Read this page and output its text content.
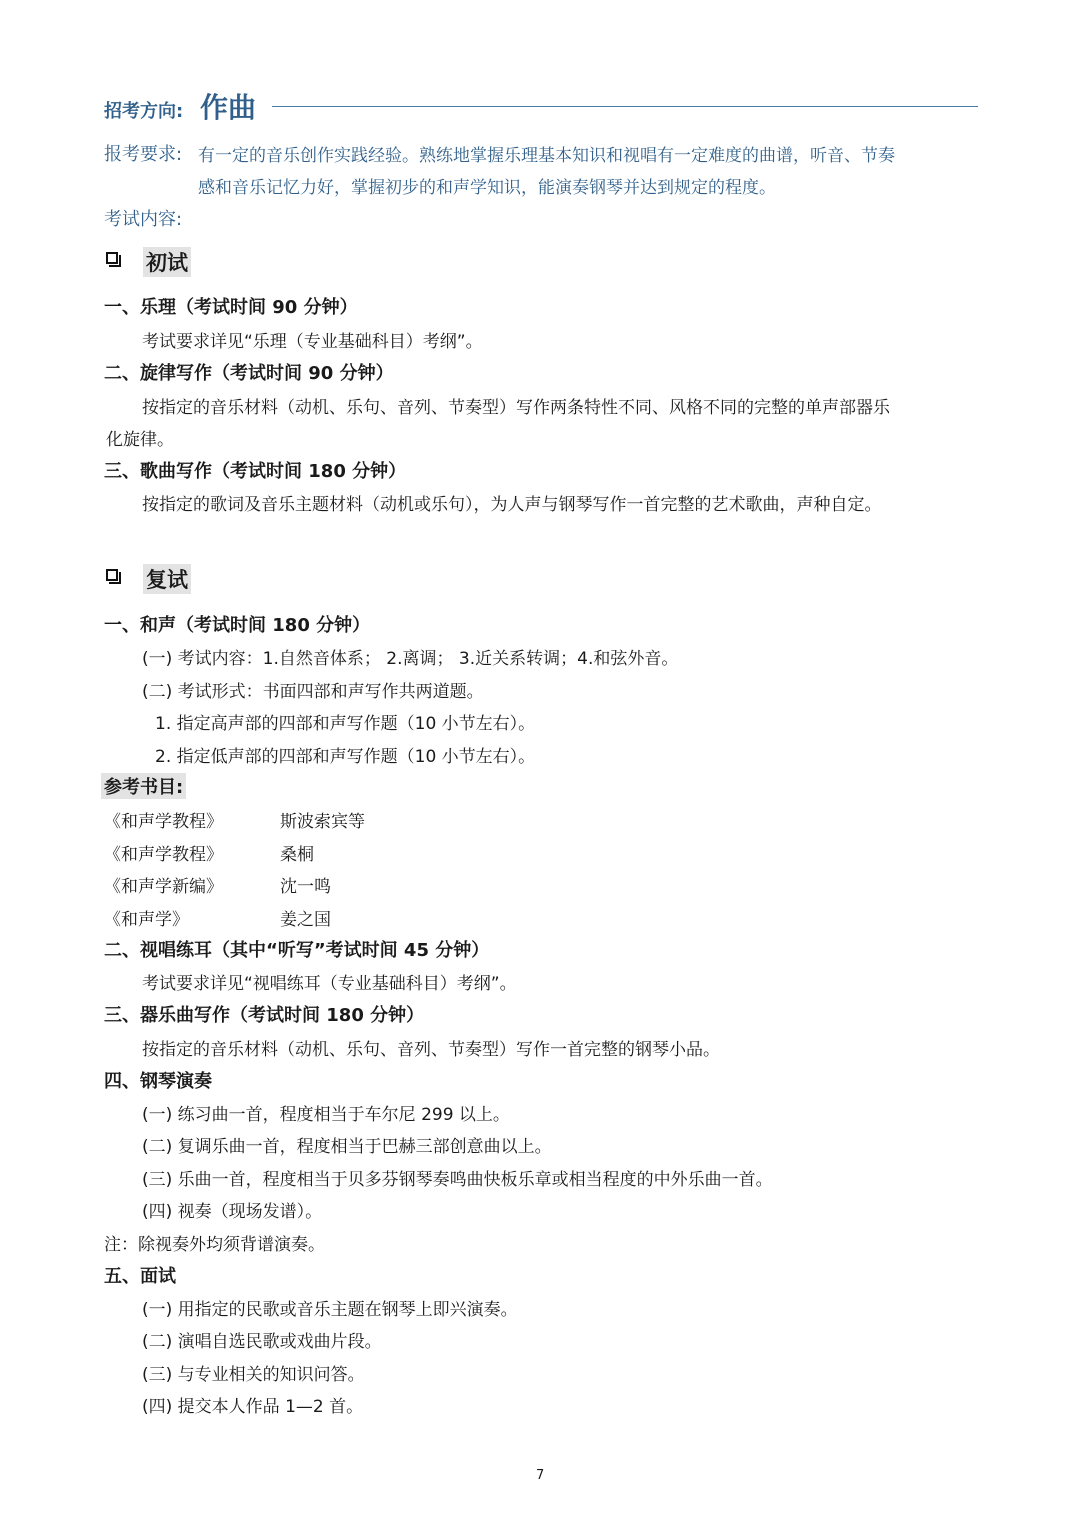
招考方向: 作曲
报考要求: 有一定的音乐创作实践经验。熟练地掌握乐理基本知识和视唱有一定难度的曲谱，听音、节奏
感和音乐记忆力好，掌握初步的和声学知识，能演奏钢琴并达到规定的程度。
考试内容:
初试
一、乐理（考试时间 90 分钟）
考试要求详见“乐理（专业基础科目）考纲”。
二、旋律写作（考试时间 90 分钟）
按指定的音乐材料（动机、乐句、音列、节奏型）写作两条特性不同、风格不同的完整的单声部器乐
化旋律。
三、歌曲写作（考试时间 180 分钟）
按指定的歌词及音乐主题材料（动机或乐句），为人声与钢琴写作一首完整的艺术歌曲，声种自定。
复试
一、和声（考试时间 180 分钟）
(一) 考试内容：1.自然音体系； 2.离调； 3.近关系转调；4.和弦外音。
(二) 考试形式：书面四部和声写作共两道题。
1. 指定高声部的四部和声写作题（10 小节左右）。
2. 指定低声部的四部和声写作题（10 小节左右）。
参考书目:
《和声学教程》	斯波索宾等
《和声学教程》	桑桐
《和声学新编》	沈一鸣
《和声学》	姜之国
二、视唱练耳（其中“听写”考试时间 45 分钟）
考试要求详见“视唱练耳（专业基础科目）考纲”。
三、器乐曲写作（考试时间 180 分钟）
按指定的音乐材料（动机、乐句、音列、节奏型）写作一首完整的钢琴小品。
四、钢琴演奏
(一) 练习曲一首，程度相当于车尔尼 299 以上。
(二) 复调乐曲一首，程度相当于巴赫三部创意曲以上。
(三) 乐曲一首，程度相当于贝多芬钢琴奏鸣曲快板乐章或相当程度的中外乐曲一首。
(四) 视奏（现场发谱）。
注：除视奏外均须背谱演奏。
五、面试
(一) 用指定的民歌或音乐主题在钢琴上即兴演奏。
(二) 演唱自选民歌或戏曲片段。
(三) 与专业相关的知识问答。
(四) 提交本人作品 1—2 首。
7
